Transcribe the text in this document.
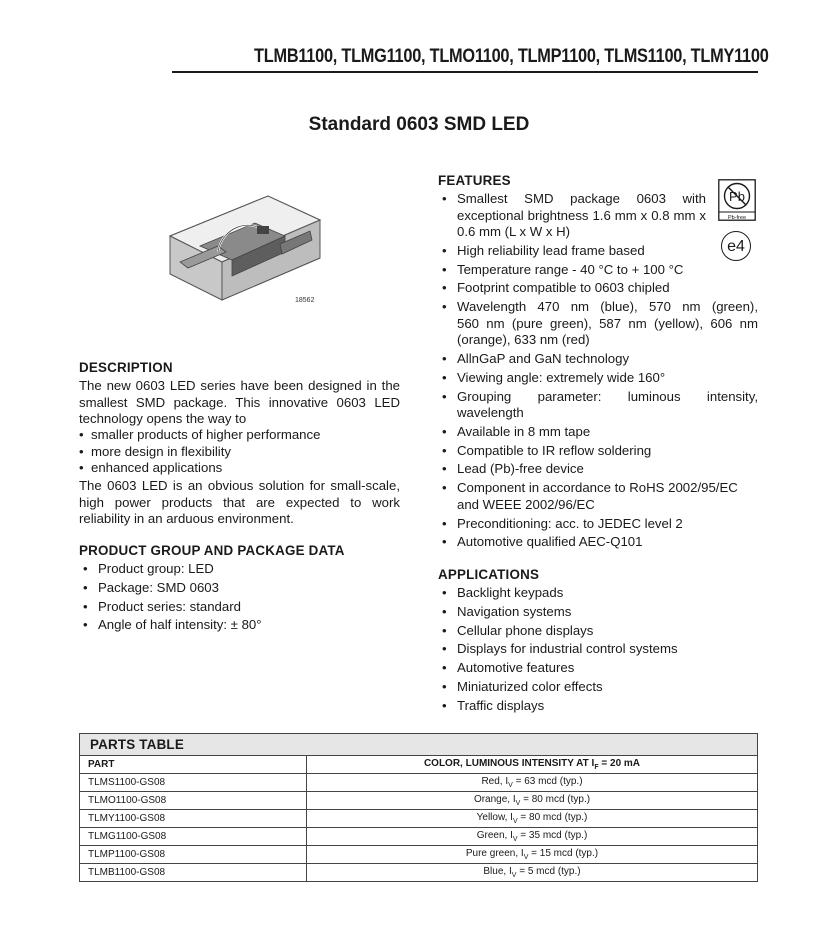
TLMB1100, TLMG1100, TLMO1100, TLMP1100, TLMS1100, TLMY1100
Standard 0603 SMD LED
18562
DESCRIPTION
The new 0603 LED series have been designed in the
smallest SMD package. This innovative 0603 LED
technology opens the way to
• smaller products of higher performance
• more design in flexibility
• enhanced applications
The 0603 LED is an obvious solution for small-scale,
high power products that are expected to work
reliability in an arduous environment.
PRODUCT GROUP AND PACKAGE DATA
• Product group: LED
• Package: SMD 0603
• Product series: standard
• Angle of half intensity: ± 80°
FEATURES
Pb
Pb-free
e4
• Smallest SMD package 0603 with
exceptional brightness 1.6 mm x 0.8 mm x
0.6 mm (L x W x H)
• High reliability lead frame based
• Temperature range - 40 °C to + 100 °C
• Footprint compatible to 0603 chipled
• Wavelength 470 nm (blue), 570 nm (green),
560 nm (pure green), 587 nm (yellow), 606 nm
(orange), 633 nm (red)
• AllnGaP and GaN technology
• Viewing angle: extremely wide 160°
• Grouping parameter: luminous intensity,
wavelength
• Available in 8 mm tape
• Compatible to IR reflow soldering
• Lead (Pb)-free device
• Component in accordance to RoHS 2002/95/EC
and WEEE 2002/96/EC
• Preconditioning: acc. to JEDEC level 2
• Automotive qualified AEC-Q101
APPLICATIONS
• Backlight keypads
• Navigation systems
• Cellular phone displays
• Displays for industrial control systems
• Automotive features
• Miniaturized color effects
• Traffic displays
PARTS TABLE	
PART	COLOR, LUMINOUS INTENSITY AT $I_F = 20$ mA
TLMS1100-GS08	Red, $I_V = 63$ mcd (typ.)
TLMO1100-GS08	Orange, $I_V = 80$ mcd (typ.)
TLMY1100-GS08	Yellow, $I_V = 80$ mcd (typ.)
TLMG1100-GS08	Green, $I_V = 35$ mcd (typ.)
TLMP1100-GS08	Pure green, $I_V = 15$ mcd (typ.)
TLMB1100-GS08	Blue, $I_V = 5$ mcd (typ.)
